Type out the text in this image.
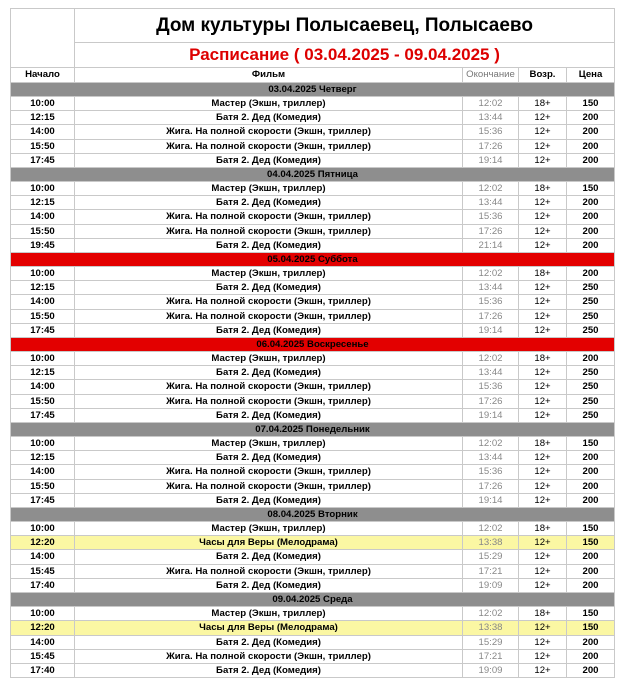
	Дом культуры Полысаевец, Полысаево			
	Расписание ( 03.04.2025 - 09.04.2025 )			
Начало	Фильм	Окончание	Возр.	Цена
03.04.2025 Четверг				
10:00	Мастер (Экшн, триллер)	12:02	18+	150
12:15	Батя 2. Дед (Комедия)	13:44	12+	200
14:00	Жига. На полной скорости (Экшн, триллер)	15:36	12+	200
15:50	Жига. На полной скорости (Экшн, триллер)	17:26	12+	200
17:45	Батя 2. Дед (Комедия)	19:14	12+	200
04.04.2025 Пятница				
10:00	Мастер (Экшн, триллер)	12:02	18+	150
12:15	Батя 2. Дед (Комедия)	13:44	12+	200
14:00	Жига. На полной скорости (Экшн, триллер)	15:36	12+	200
15:50	Жига. На полной скорости (Экшн, триллер)	17:26	12+	200
19:45	Батя 2. Дед (Комедия)	21:14	12+	200
05.04.2025 Суббота				
10:00	Мастер (Экшн, триллер)	12:02	18+	200
12:15	Батя 2. Дед (Комедия)	13:44	12+	250
14:00	Жига. На полной скорости (Экшн, триллер)	15:36	12+	250
15:50	Жига. На полной скорости (Экшн, триллер)	17:26	12+	250
17:45	Батя 2. Дед (Комедия)	19:14	12+	250
06.04.2025 Воскресенье				
10:00	Мастер (Экшн, триллер)	12:02	18+	200
12:15	Батя 2. Дед (Комедия)	13:44	12+	250
14:00	Жига. На полной скорости (Экшн, триллер)	15:36	12+	250
15:50	Жига. На полной скорости (Экшн, триллер)	17:26	12+	250
17:45	Батя 2. Дед (Комедия)	19:14	12+	250
07.04.2025 Понедельник				
10:00	Мастер (Экшн, триллер)	12:02	18+	150
12:15	Батя 2. Дед (Комедия)	13:44	12+	200
14:00	Жига. На полной скорости (Экшн, триллер)	15:36	12+	200
15:50	Жига. На полной скорости (Экшн, триллер)	17:26	12+	200
17:45	Батя 2. Дед (Комедия)	19:14	12+	200
08.04.2025 Вторник				
10:00	Мастер (Экшн, триллер)	12:02	18+	150
12:20	Часы для Веры (Мелодрама)	13:38	12+	150
14:00	Батя 2. Дед (Комедия)	15:29	12+	200
15:45	Жига. На полной скорости (Экшн, триллер)	17:21	12+	200
17:40	Батя 2. Дед (Комедия)	19:09	12+	200
09.04.2025 Среда				
10:00	Мастер (Экшн, триллер)	12:02	18+	150
12:20	Часы для Веры (Мелодрама)	13:38	12+	150
14:00	Батя 2. Дед (Комедия)	15:29	12+	200
15:45	Жига. На полной скорости (Экшн, триллер)	17:21	12+	200
17:40	Батя 2. Дед (Комедия)	19:09	12+	200
